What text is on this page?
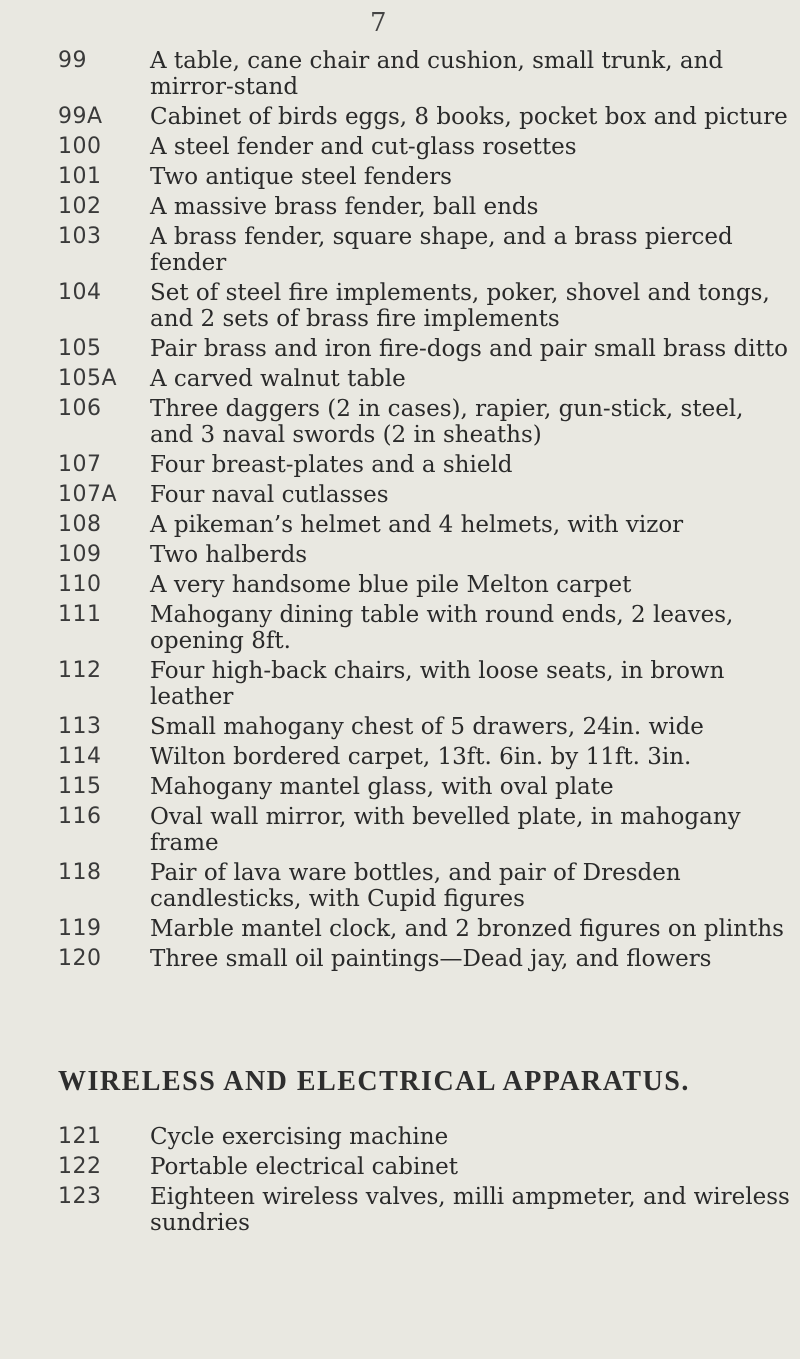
7
99	A table, cane chair and cushion, small trunk, and mirror-stand
99A	Cabinet of birds eggs, 8 books, pocket box and picture
100	A steel fender and cut-glass rosettes
101	Two antique steel fenders
102	A massive brass fender, ball ends
103	A brass fender, square shape, and a brass pierced fender
104	Set of steel fire implements, poker, shovel and tongs, and 2 sets of brass fire implements
105	Pair brass and iron fire-dogs and pair small brass ditto
105A	A carved walnut table
106	Three daggers (2 in cases), rapier, gun-stick, steel, and 3 naval swords (2 in sheaths)
107	Four breast-plates and a shield
107A	Four naval cutlasses
108	A pikeman’s helmet and 4 helmets, with vizor
109	Two halberds
110	A very handsome blue pile Melton carpet
111	Mahogany dining table with round ends, 2 leaves, opening 8ft.
112	Four high-back chairs, with loose seats, in brown leather
113	Small mahogany chest of 5 drawers, 24in. wide
114	Wilton bordered carpet, 13ft. 6in. by 11ft. 3in.
115	Mahogany mantel glass, with oval plate
116	Oval wall mirror, with bevelled plate, in mahogany frame
118	Pair of lava ware bottles, and pair of Dresden candlesticks, with Cupid figures
119	Marble mantel clock, and 2 bronzed figures on plinths
120	Three small oil paintings—Dead jay, and flowers
WIRELESS AND ELECTRICAL APPARATUS.
121	Cycle exercising machine
122	Portable electrical cabinet
123	Eighteen wireless valves, milli ampmeter, and wireless sundries
